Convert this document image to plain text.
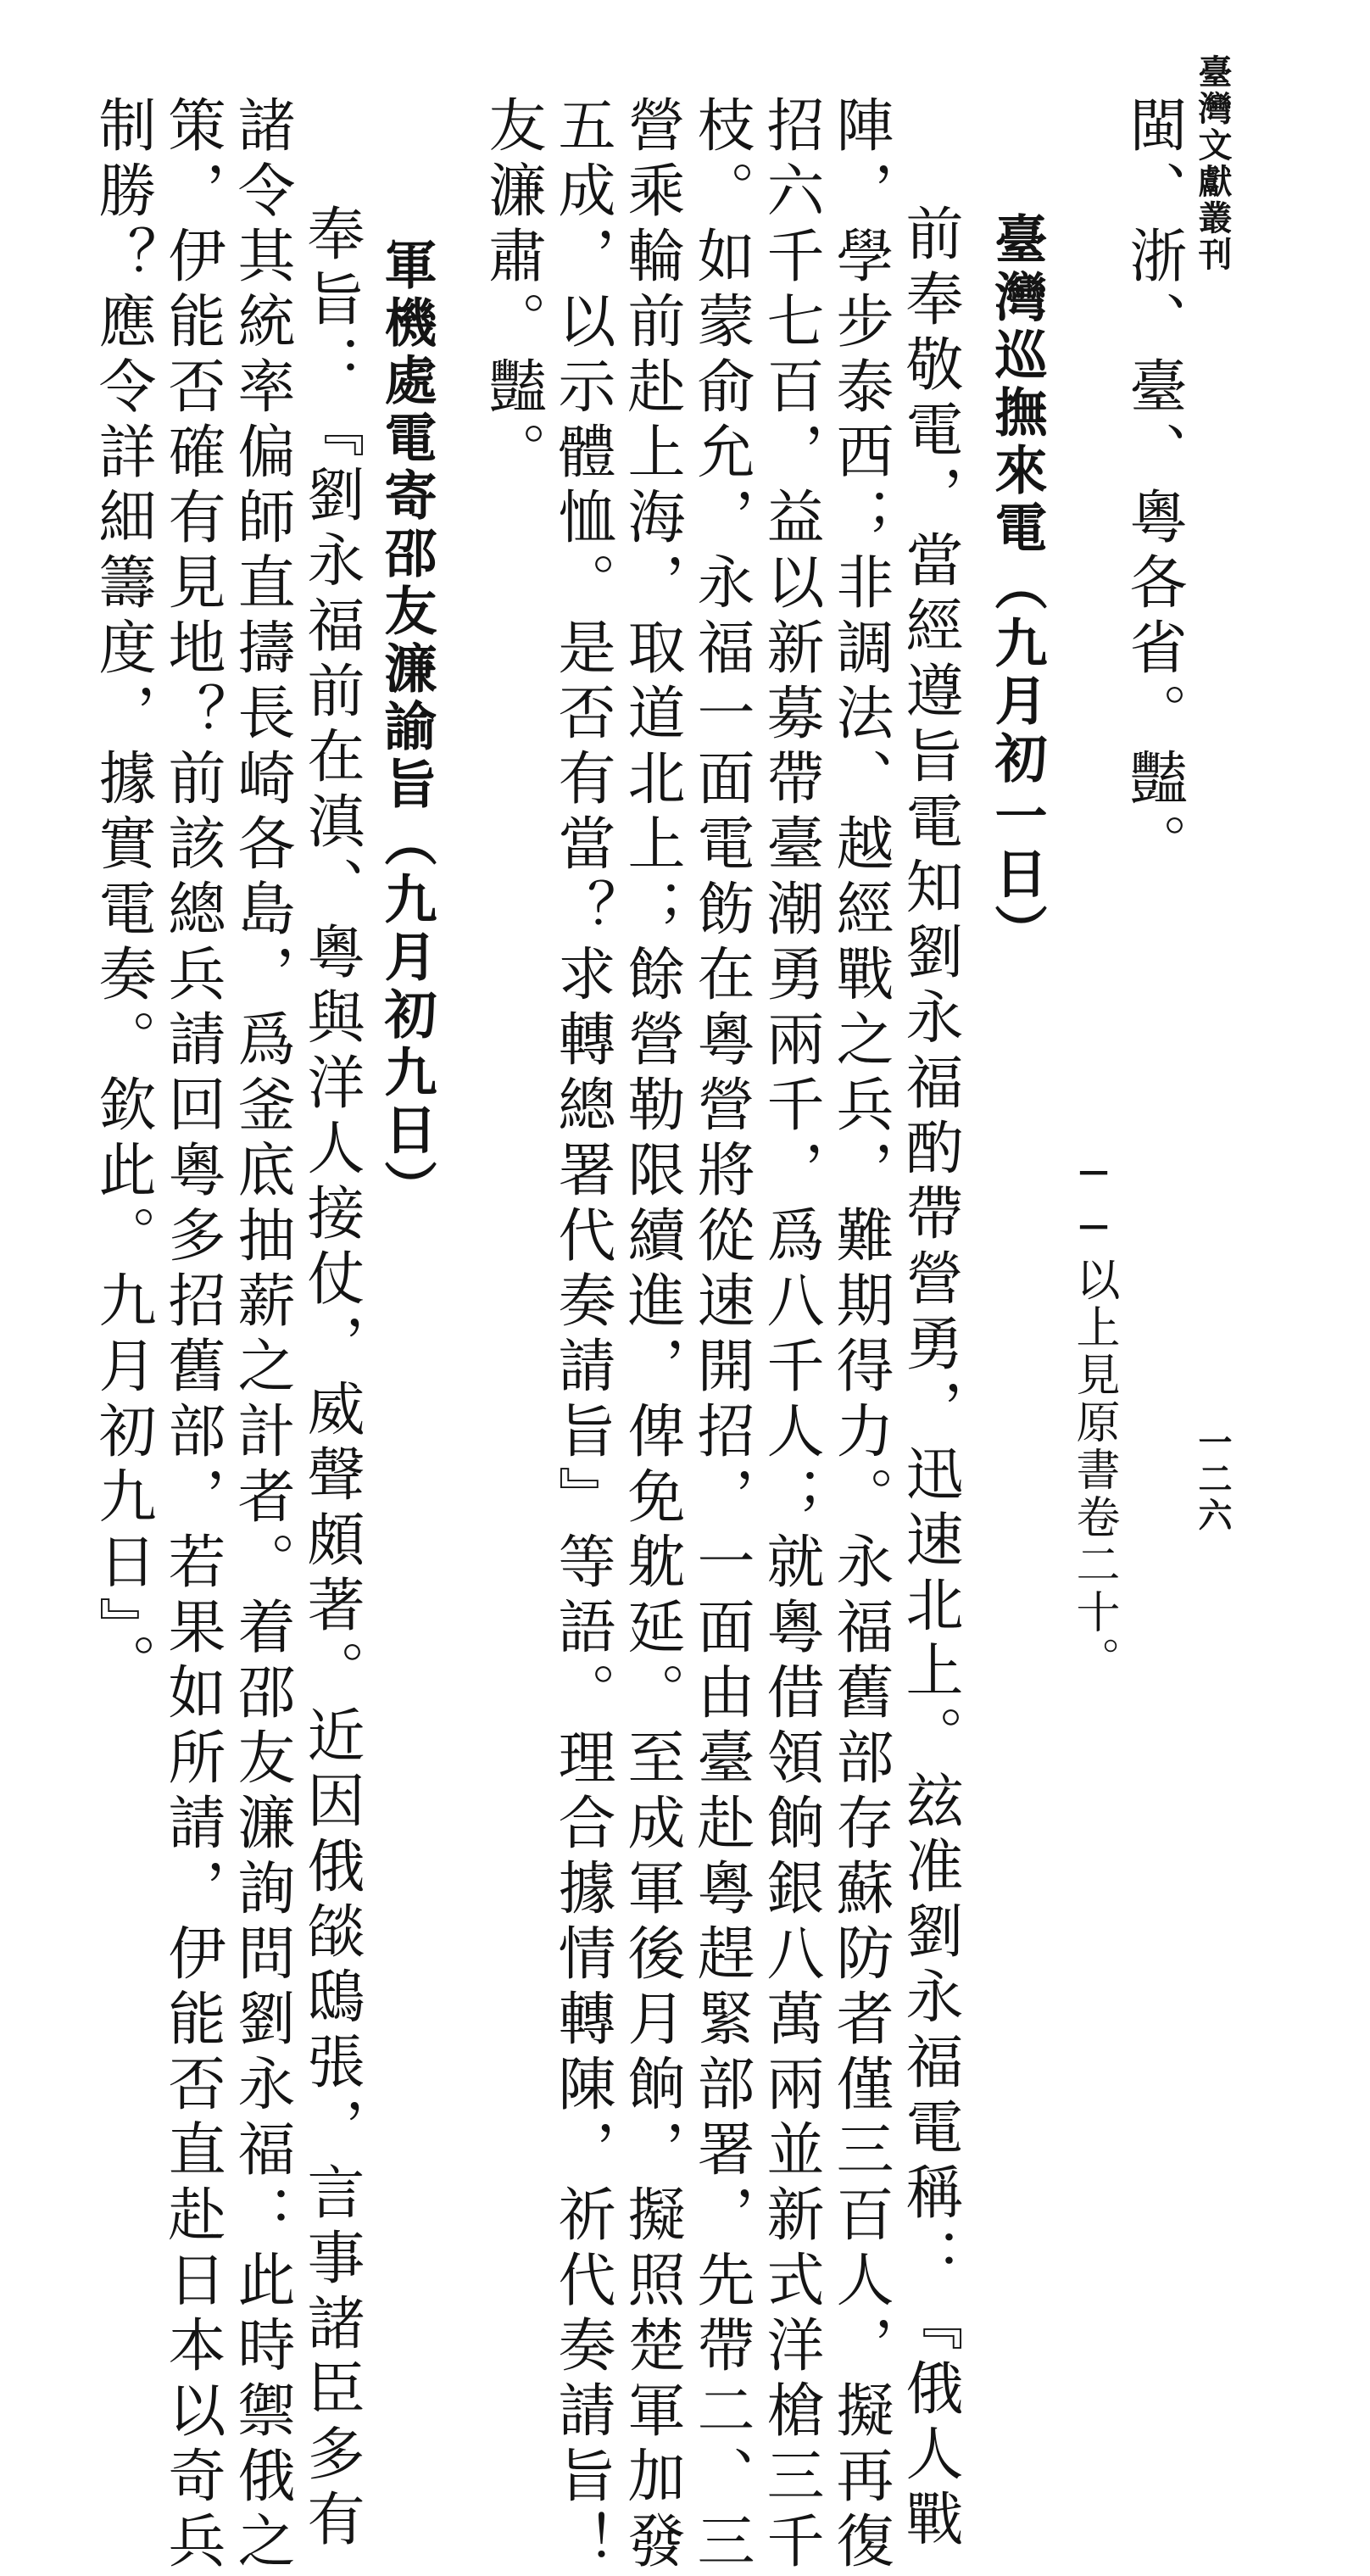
臺灣文獻叢刊
一二六
──以上見原書卷二十。
閩、浙、臺、粵各省。豔。
臺灣巡撫來電（九月初一日）
前奉敬電，當經遵旨電知劉永福酌帶營勇，迅速北上。玆准劉永福電稱：『俄人戰
陣，學步泰西；非調法、越經戰之兵，難期得力。永福舊部存蘇防者僅三百人，擬再復
招六千七百，益以新募帶臺潮勇兩千，爲八千人；就粵借領餉銀八萬兩並新式洋槍三千
枝。如蒙俞允，永福一面電飭在粵營將從速開招，一面由臺赴粵趕緊部署，先帶二、三
營乘輪前赴上海，取道北上；餘營勒限續進，俾免躭延。至成軍後月餉，擬照楚軍加發
五成，以示體恤。是否有當？求轉總署代奏請旨』等語。理合據情轉陳，祈代奏請旨！
友濂肅。豔。
軍機處電寄邵友濂諭旨（九月初九日）
奉旨：『劉永福前在滇、粵與洋人接仗，威聲頗著。近因俄燄鴟張，言事諸臣多有
諸令其統率偏師直擣長崎各島，爲釜底抽薪之計者。着邵友濂詢問劉永福：此時禦俄之
策，伊能否確有見地？前該總兵請回粵多招舊部，若果如所請，伊能否直赴日本以奇兵
制勝？應令詳細籌度，據實電奏。欽此。九月初九日』。
